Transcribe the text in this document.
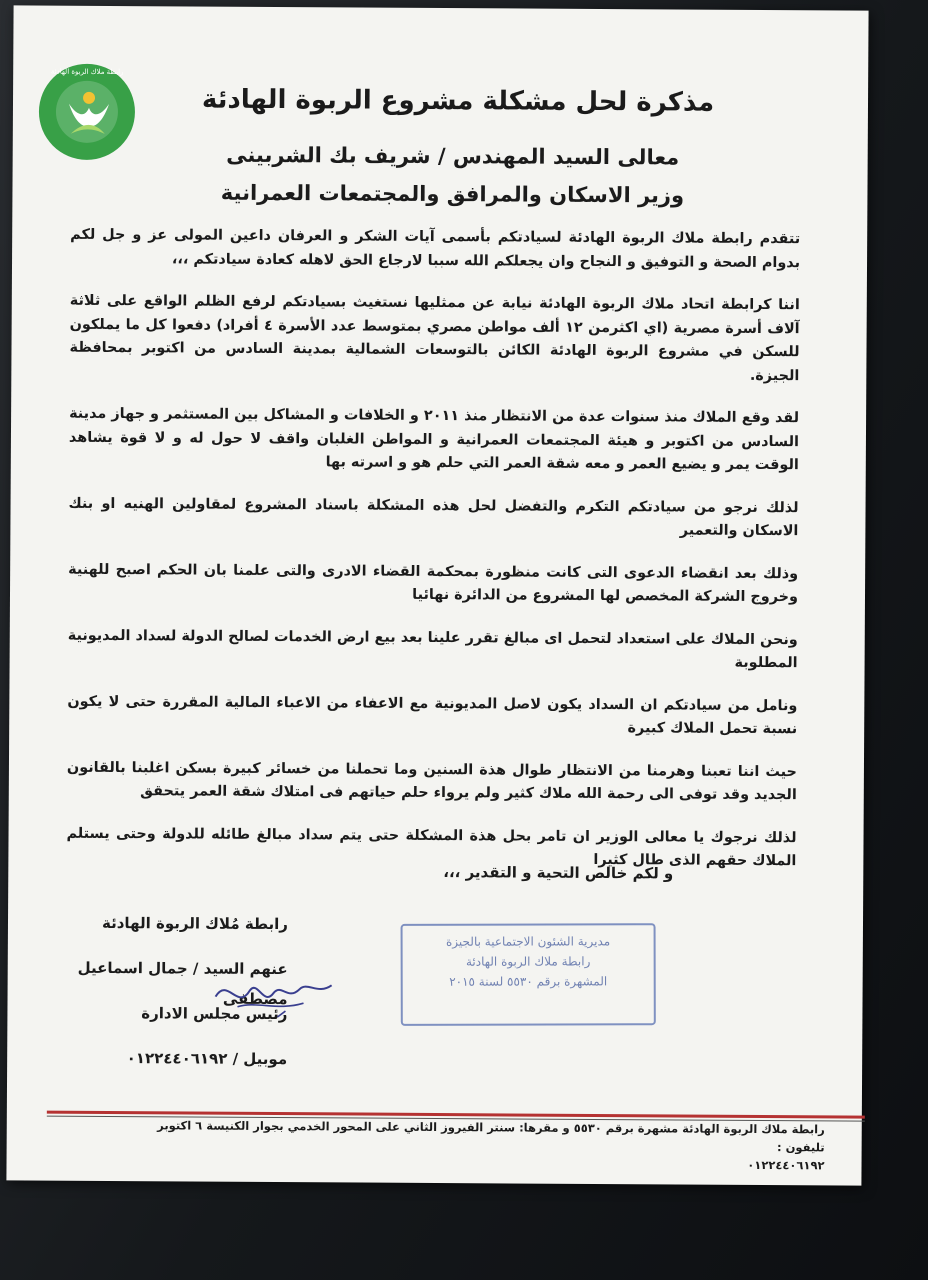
رابطة ملاك الربوة الهادئة
مذكرة لحل مشكلة مشروع الربوة الهادئة
معالى السيد المهندس / شريف بك الشربينى
وزير الاسكان والمرافق والمجتمعات العمرانية

تتقدم رابطة ملاك الربوة الهادئة لسيادتكم بأسمى آيات الشكر و العرفان داعين المولى عز و جل لكم بدوام الصحة و التوفيق و النجاح وان يجعلكم الله سببا لارجاع الحق لاهله كعادة سيادتكم ،،،

اننا كرابطة اتحاد ملاك الربوة الهادئة نيابة عن ممثليها نستغيث بسيادتكم لرفع الظلم الواقع على ثلاثة آلاف أسرة مصرية (اي اكثرمن ١٢ ألف مواطن مصري بمتوسط عدد الأسرة ٤ أفراد) دفعوا كل ما يملكون للسكن في مشروع الربوة الهادئة الكائن بالتوسعات الشمالية بمدينة السادس من اكتوبر بمحافظة الجيزة.

لقد وقع الملاك منذ سنوات عدة من الانتظار منذ ٢٠١١ و الخلافات و المشاكل بين المستثمر و جهاز مدينة السادس من اكتوبر و هيئة المجتمعات العمرانية و المواطن الغلبان واقف لا حول له و لا قوة يشاهد الوقت يمر و يضيع العمر و معه شقة العمر التي حلم هو و اسرته بها

لذلك نرجو من سيادتكم التكرم والتفضل لحل هذه المشكلة باسناد المشروع لمقاولين الهنيه او بنك الاسكان والتعمير

وذلك بعد انقضاء الدعوى التى كانت منظورة بمحكمة القضاء الادرى والتى علمنا بان الحكم اصبح للهنية وخروج الشركة المخصص لها المشروع من الدائرة نهائيا

ونحن الملاك على استعداد لتحمل اى مبالغ تقرر علينا بعد بيع ارض الخدمات لصالح الدولة لسداد المديونية المطلوبة

ونامل من سيادتكم ان السداد يكون لاصل المديونية مع الاعفاء من الاعباء المالية المقررة حتى لا يكون نسبة تحمل الملاك كبيرة

حيث اننا تعبنا وهرمنا من الانتظار طوال هذة السنين وما تحملنا من خسائر كبيرة بسكن اغلبنا بالقانون الجديد وقد توفى الى رحمة الله ملاك كثير ولم يرواء حلم حياتهم فى امتلاك شقة العمر يتحقق

لذلك نرجوك يا معالى الوزير ان تامر بحل هذة المشكلة حتى يتم سداد مبالغ طائله للدولة وحتى يستلم الملاك حقهم الذى طال كثيرا

و لكم خالص التحية و التقدير ،،،
مديرية الشئون الاجتماعية بالجيزة
رابطة ملاك الربوة الهادئة
المشهرة برقم ٥٥٣٠ لسنة ٢٠١٥
رابطة مُلاك الربوة الهادئة
عنهم السيد / جمال اسماعيل مصطفى
رئيس مجلس الادارة
موبيل / ٠١٢٢٤٤٠٦١٩٢
رابطة ملاك الربوة الهادئة مشهرة برقم ٥٥٣٠ و مقرها: سنتر الفيروز الثاني على المحور الخدمي بجوار الكنيسة ٦ اكتوبر تليفون :
٠١٢٢٤٤٠٦١٩٢
